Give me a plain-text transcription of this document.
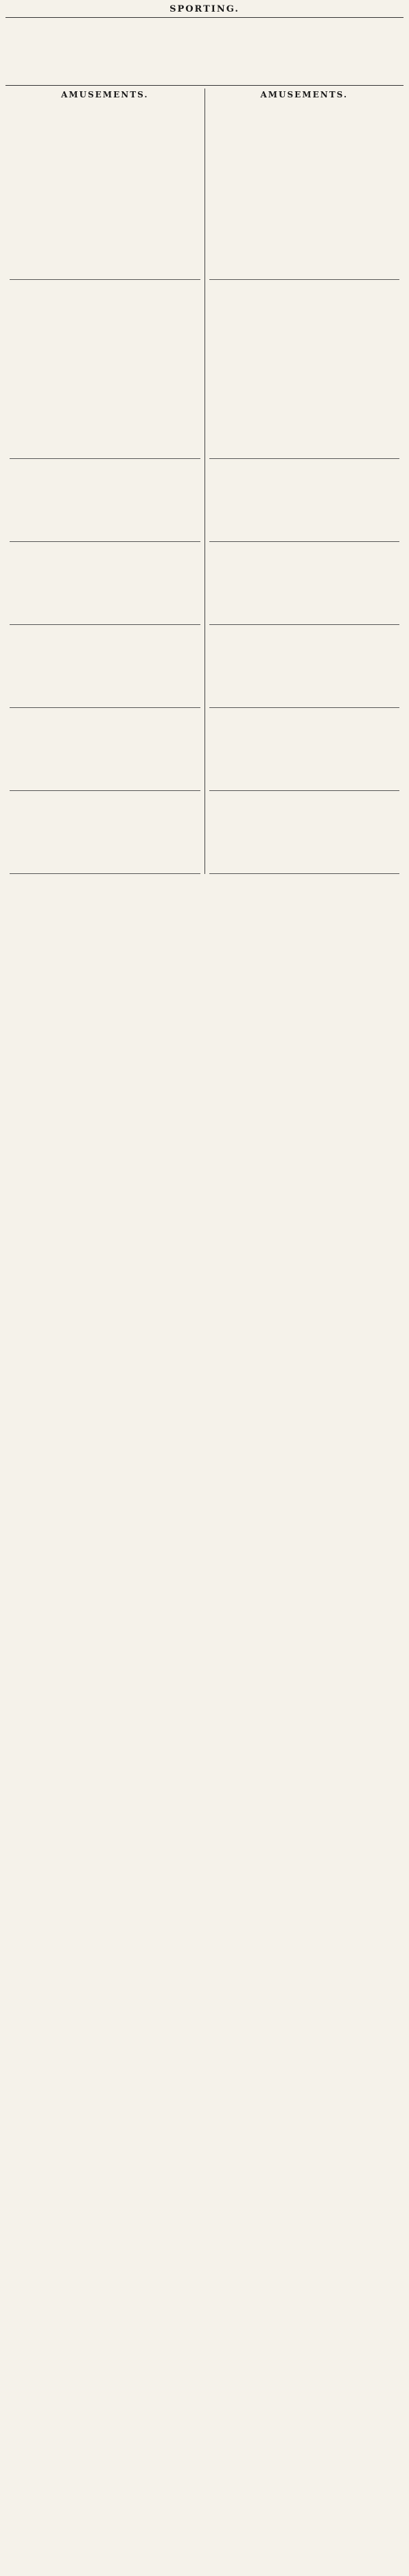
SPORTING.
AMUSEMENTS.	AMUSEMENTS.
